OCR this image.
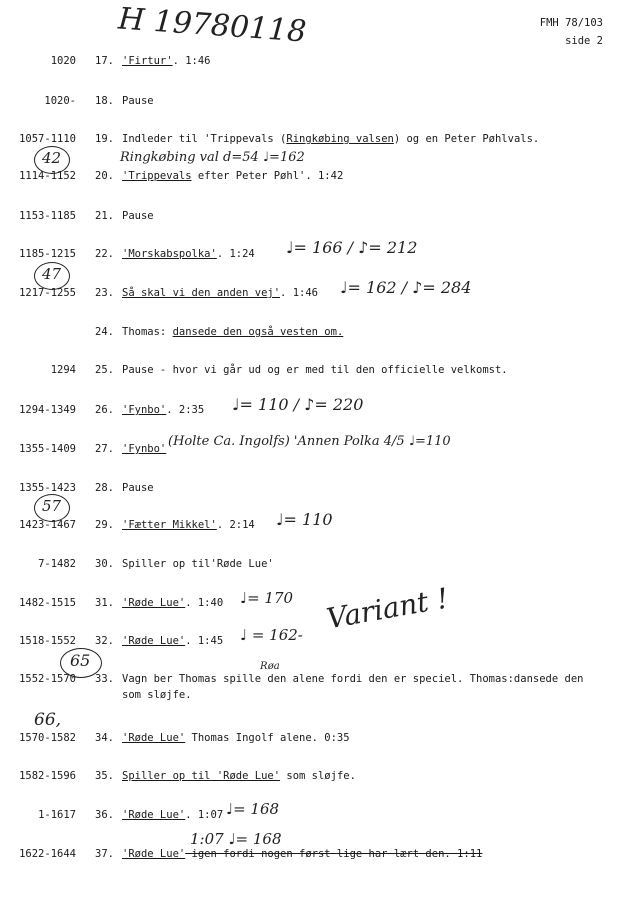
H 19780118	FMH 78/103
side 2
1020	17. 'Firtur'. 1:46
1020-	18. Pause
1057-1110	19. Indleder til 'Trippevals (Ringkøbing valsen) og en Peter Pøhlvals.
Ringkøbing val d=54 ♩=162
1114-1152	20. 'Trippevals efter Peter Pøhl'. 1:42
42
1153-1185	21. Pause
1185-1215	22. 'Morskabspolka'. 1:24 ♩= 166 / ♪= 212
47
1217-1255	23. Så skal vi den anden vej'. 1:46 ♩= 162 / ♪= 284
24. Thomas: dansede den også vesten om.
1294	25. Pause - hvor vi går ud og er med til den officielle velkomst.
1294-1349	26. 'Fynbo'. 2:35 ♩= 110 / ♪= 220
1355-1409	27. 'Fynbo' (Holte Ca. Ingolfs) 'Annen Polka 4/5 ♩=110
1355-1423	28. Pause
57
1423-1467	29. 'Fætter Mikkel'. 2:14 ♩= 110
7-1482	30. Spiller op til'Røde Lue'
1482-1515	31. 'Røde Lue'. 1:40 ♩= 170 Variant !
1518-1552	32. 'Røde Lue'. 1:45 ♩ = 162-
65	Røa
1552-1570	33. Vagn ber Thomas spille den alene fordi den er speciel. Thomas:dansede den
som sløjfe.
66,
1570-1582	34. 'Røde Lue' Thomas Ingolf alene. 0:35
1582-1596	35. Spiller op til 'Røde Lue' som sløjfe.
1-1617	36. 'Røde Lue'. 1:07 ♩= 168
1:07 ♩= 168
1622-1644	37. 'Røde Lue' igen fordi nogen først lige har lært den. 1:11
